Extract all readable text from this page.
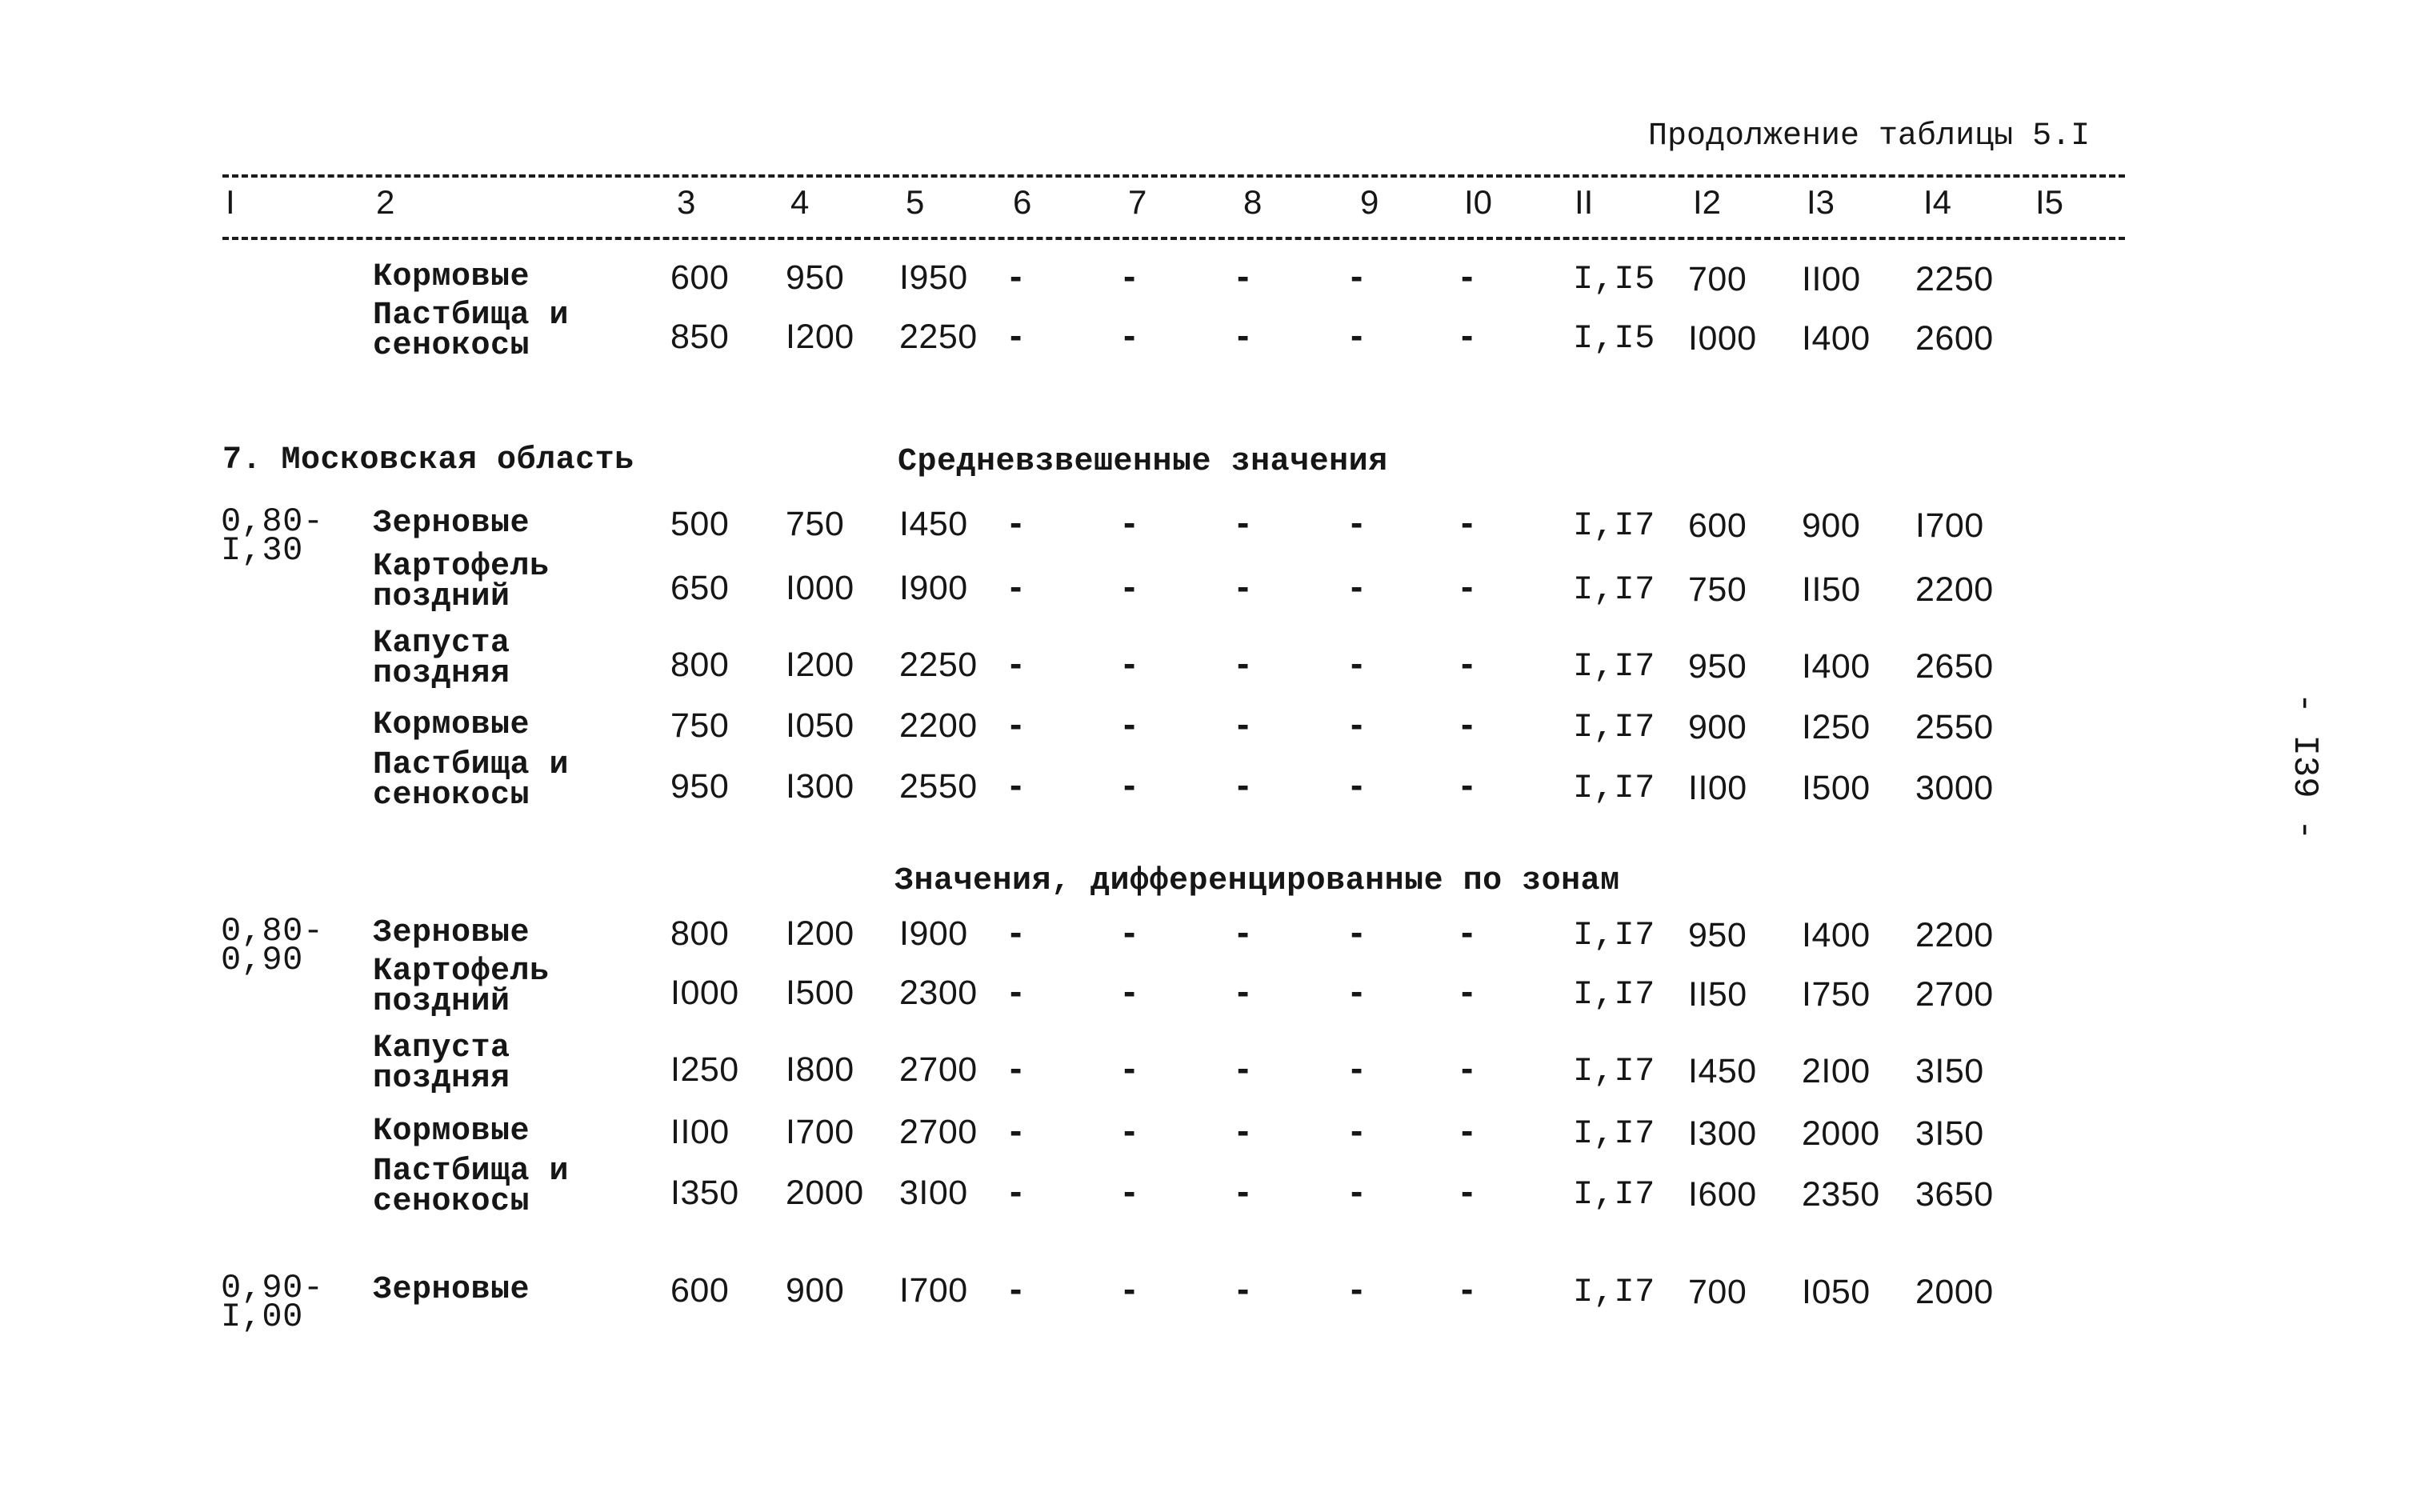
Продолжение таблицы 5.I
I	2	3	4	5	6	7	8	9	I0 II	I2	I3	I4 I5
Кормовые	600 950 I950 -	-	-	-	-	I,I5 700 II00 2250
Пастбища и
сенокосы	850 I200 2250 -	-	-	-	-	I,I5 I000 I400 2600
0,80-
I,30
Зерновые	500 750 I450 -	-	-	-	-	I,I7 600 900 I700
Картофель
поздний	650 I000 I900 -	-	-	-	-	I,I7 750 II50 2200
Капуста
поздняя	800 I200 2250 -	-	-	-	-	I,I7 950 I400 2650
Кормовые	750 I050 2200 -	-	-	-	-	I,I7 900 I250 2550
Пастбища и
сенокосы	950 I300 2550 -	-	-	-	-	I,I7 II00 I500 3000
0,80-
0,90
Зерновые	800 I200 I900 -	-	-	-	-	I,I7 950 I400 2200
Картофель
поздний	I000 I500 2300 -	-	-	-	-	I,I7 II50 I750 2700
Капуста
поздняя	I250 I800 2700 -	-	-	-	-	I,I7 I450 2I00 3I50
Кормовые	II00 I700 2700 -	-	-	-	-	I,I7 I300 2000 3I50
Пастбища и
сенокосы	I350 2000 3I00 -	-	-	-	-	I,I7 I600 2350 3650
0,90-
I,00
Зерновые	600 900 I700 -	-	-	-	-	I,I7 700 I050 2000
7. Московская область	Средневзвешенные значения
Значения, дифференцированные по зонам
- I39 -
